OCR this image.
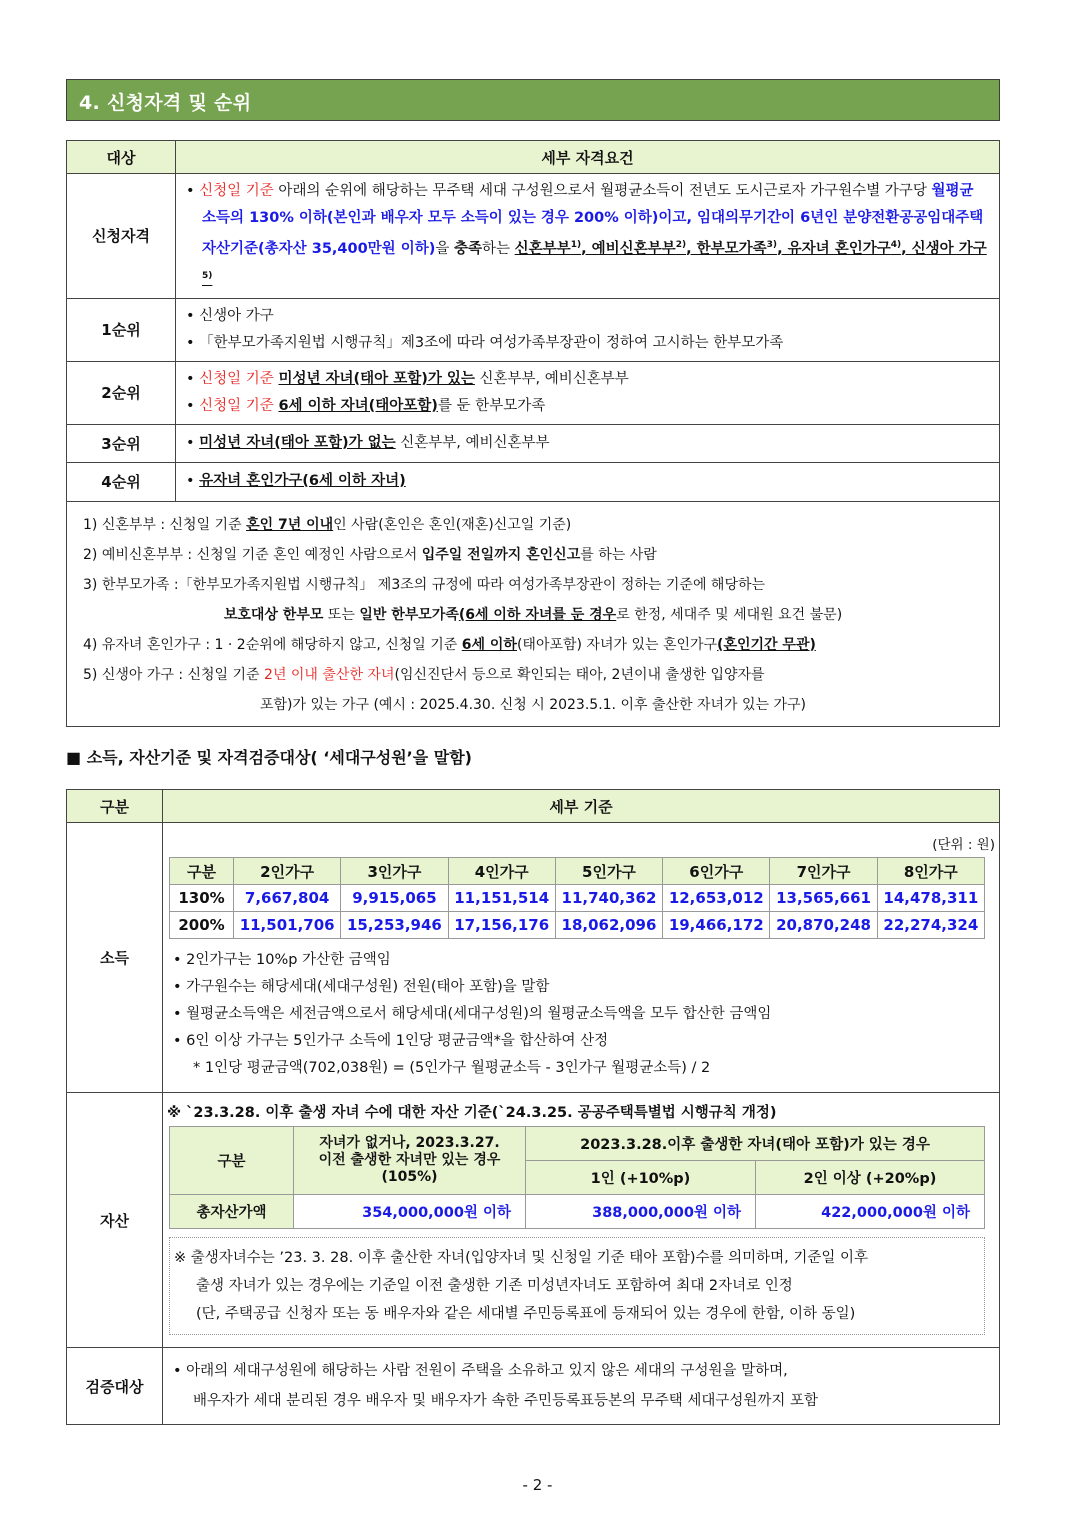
4. 신청자격 및 순위
대상	세부 자격요건
신청자격	• 신청일 기준 아래의 순위에 해당하는 무주택 세대 구성원으로서 월평균소득이 전년도 도시근로자 가구원수별 가구당 월평균 소득의 130% 이하(본인과 배우자 모두 소득이 있는 경우 200% 이하)이고, 임대의무기간이 6년인 분양전환공공임대주택 자산기준(총자산 35,400만원 이하)을 충족하는 신혼부부$^{1)}$, 예비신혼부부$^{2)}$, 한부모가족$^{3)}$, 유자녀 혼인가구$^{4)}$, 신생아 가구$^{5)}$

1순위	• 신생아 가구
• 「한부모가족지원법 시행규칙」제3조에 따라 여성가족부장관이 정하여 고시하는 한부모가족

2순위	• 신청일 기준 미성년 자녀(태아 포함)가 있는 신혼부부, 예비신혼부부
• 신청일 기준 6세 이하 자녀(태아포함)를 둔 한부모가족

3순위	• 미성년 자녀(태아 포함)가 없는 신혼부부, 예비신혼부부

4순위	• 유자녀 혼인가구(6세 이하 자녀)

1) 신혼부부 : 신청일 기준 혼인 7년 이내인 사람(혼인은 혼인(재혼)신고일 기준)
2) 예비신혼부부 : 신청일 기준 혼인 예정인 사람으로서 입주일 전일까지 혼인신고를 하는 사람
3) 한부모가족 :「한부모가족지원법 시행규칙」 제3조의 규정에 따라 여성가족부장관이 정하는 기준에 해당하는
보호대상 한부모 또는 일반 한부모가족(6세 이하 자녀를 둔 경우로 한정, 세대주 및 세대원 요건 불문)
4) 유자녀 혼인가구 : 1 · 2순위에 해당하지 않고, 신청일 기준 6세 이하(태아포함) 자녀가 있는 혼인가구(혼인기간 무관)
5) 신생아 가구 : 신청일 기준 2년 이내 출산한 자녀(임신진단서 등으로 확인되는 태아, 2년이내 출생한 입양자를
포함)가 있는 가구 (예시 : 2025.4.30. 신청 시 2023.5.1. 이후 출산한 자녀가 있는 가구)
■ 소득, 자산기준 및 자격검증대상( ‘세대구성원’을 말함)
구분	세부 기준
소득	
(단위 : 원)
구분	2인가구	3인가구	4인가구	5인가구	6인가구	7인가구	8인가구
130%	7,667,804	9,915,065	11,151,514	11,740,362	12,653,012	13,565,661	14,478,311
200%	11,501,706	15,253,946	17,156,176	18,062,096	19,466,172	20,870,248	22,274,324
• 2인가구는 10%p 가산한 금액임
• 가구원수는 해당세대(세대구성원) 전원(태아 포함)을 말함
• 월평균소득액은 세전금액으로서 해당세대(세대구성원)의 월평균소득액을 모두 합산한 금액임
• 6인 이상 가구는 5인가구 소득에 1인당 평균금액*을 합산하여 산정
* 1인당 평균금액(702,038원) = (5인가구 월평균소득 - 3인가구 월평균소득) / 2

자산	
※ `23.3.28. 이후 출생 자녀 수에 대한 자산 기준(`24.3.25. 공공주택특별법 시행규칙 개정)
구분	
자녀가 없거나, 2023.3.27.
이전 출생한 자녀만 있는 경우
(105%)
	2023.3.28.이후 출생한 자녀(태아 포함)가 있는 경우
1인 (+10%p)	2인 이상 (+20%p)
총자산가액	354,000,000원 이하	388,000,000원 이하	422,000,000원 이하
※ 출생자녀수는 ’23. 3. 28. 이후 출산한 자녀(입양자녀 및 신청일 기준 태아 포함)수를 의미하며, 기준일 이후
출생 자녀가 있는 경우에는 기준일 이전 출생한 기존 미성년자녀도 포함하여 최대 2자녀로 인정
(단, 주택공급 신청자 또는 동 배우자와 같은 세대별 주민등록표에 등재되어 있는 경우에 한함, 이하 동일)

검증대상	
• 아래의 세대구성원에 해당하는 사람 전원이 주택을 소유하고 있지 않은 세대의 구성원을 말하며,
배우자가 세대 분리된 경우 배우자 및 배우자가 속한 주민등록표등본의 무주택 세대구성원까지 포함
- 2 -
